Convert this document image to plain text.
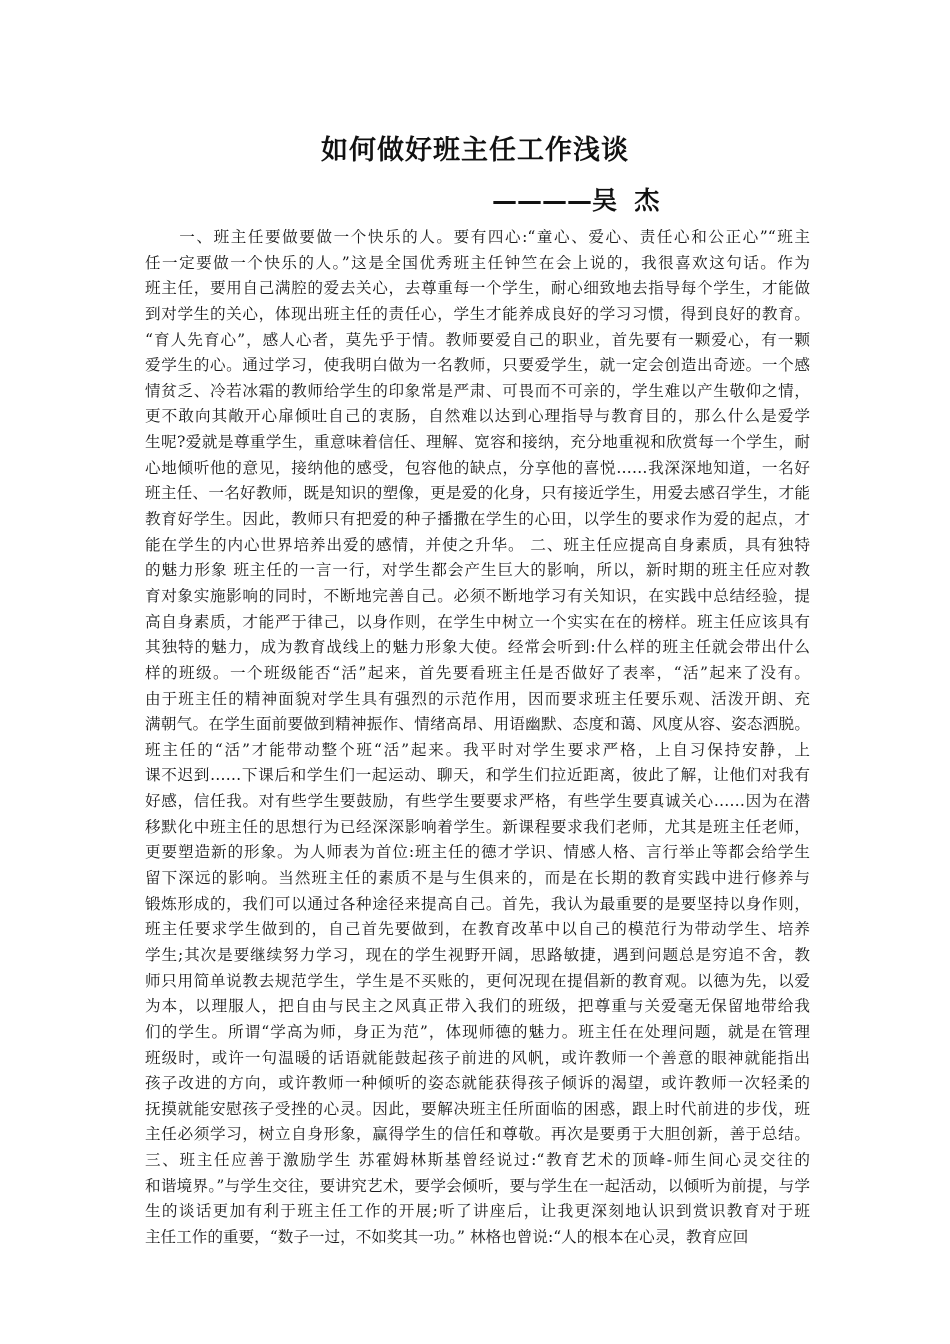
如何做好班主任工作浅谈
————吴  杰
　　一、班主任要做要做一个快乐的人。要有四心:“童心、爱心、责任心和公正心”“班主
任一定要做一个快乐的人。”这是全国优秀班主任钟竺在会上说的，我很喜欢这句话。作为
班主任，要用自己满腔的爱去关心，去尊重每一个学生，耐心细致地去指导每个学生，才能做
到对学生的关心，体现出班主任的责任心，学生才能养成良好的学习习惯，得到良好的教育。
“育人先育心”，感人心者，莫先乎于情。教师要爱自己的职业，首先要有一颗爱心，有一颗
爱学生的心。通过学习，使我明白做为一名教师，只要爱学生，就一定会创造出奇迹。一个感
情贫乏、冷若冰霜的教师给学生的印象常是严肃、可畏而不可亲的，学生难以产生敬仰之情，
更不敢向其敞开心扉倾吐自己的衷肠，自然难以达到心理指导与教育目的，那么什么是爱学
生呢?爱就是尊重学生，重意味着信任、理解、宽容和接纳，充分地重视和欣赏每一个学生，耐
心地倾听他的意见，接纳他的感受，包容他的缺点，分享他的喜悦……我深深地知道，一名好
班主任、一名好教师，既是知识的塑像，更是爱的化身，只有接近学生，用爱去感召学生，才能
教育好学生。因此，教师只有把爱的种子播撒在学生的心田，以学生的要求作为爱的起点，才
能在学生的内心世界培养出爱的感情，并使之升华。 二、班主任应提高自身素质，具有独特
的魅力形象 班主任的一言一行，对学生都会产生巨大的影响，所以，新时期的班主任应对教
育对象实施影响的同时，不断地完善自己。必须不断地学习有关知识，在实践中总结经验，提
高自身素质，才能严于律己，以身作则，在学生中树立一个实实在在的榜样。班主任应该具有
其独特的魅力，成为教育战线上的魅力形象大使。经常会听到:什么样的班主任就会带出什么
样的班级。一个班级能否“活”起来，首先要看班主任是否做好了表率，“活”起来了没有。
由于班主任的精神面貌对学生具有强烈的示范作用，因而要求班主任要乐观、活泼开朗、充
满朝气。在学生面前要做到精神振作、情绪高昂、用语幽默、态度和蔼、风度从容、姿态洒脱。
班主任的“活”才能带动整个班“活”起来。我平时对学生要求严格，上自习保持安静，上
课不迟到……下课后和学生们一起运动、聊天，和学生们拉近距离，彼此了解，让他们对我有
好感，信任我。对有些学生要鼓励，有些学生要要求严格，有些学生要真诚关心……因为在潜
移默化中班主任的思想行为已经深深影响着学生。新课程要求我们老师，尤其是班主任老师，
更要塑造新的形象。为人师表为首位:班主任的德才学识、情感人格、言行举止等都会给学生
留下深远的影响。当然班主任的素质不是与生俱来的，而是在长期的教育实践中进行修养与
锻炼形成的，我们可以通过各种途径来提高自己。首先，我认为最重要的是要坚持以身作则，
班主任要求学生做到的，自己首先要做到，在教育改革中以自己的模范行为带动学生、培养
学生;其次是要继续努力学习，现在的学生视野开阔，思路敏捷，遇到问题总是穷追不舍，教
师只用简单说教去规范学生，学生是不买账的，更何况现在提倡新的教育观。以德为先，以爱
为本，以理服人，把自由与民主之风真正带入我们的班级，把尊重与关爱毫无保留地带给我
们的学生。所谓“学高为师，身正为范”，体现师德的魅力。班主任在处理问题，就是在管理
班级时，或许一句温暖的话语就能鼓起孩子前进的风帆，或许教师一个善意的眼神就能指出
孩子改进的方向，或许教师一种倾听的姿态就能获得孩子倾诉的渴望，或许教师一次轻柔的
抚摸就能安慰孩子受挫的心灵。因此，要解决班主任所面临的困惑，跟上时代前进的步伐，班
主任必须学习，树立自身形象，赢得学生的信任和尊敬。再次是要勇于大胆创新，善于总结。
三、班主任应善于激励学生 苏霍姆林斯基曾经说过:“教育艺术的顶峰-师生间心灵交往的
和谐境界。”与学生交往，要讲究艺术，要学会倾听，要与学生在一起活动，以倾听为前提，与学
生的谈话更加有利于班主任工作的开展;听了讲座后，让我更深刻地认识到赏识教育对于班
主任工作的重要，“数子一过，不如奖其一功。” 林格也曾说:“人的根本在心灵，教育应回
